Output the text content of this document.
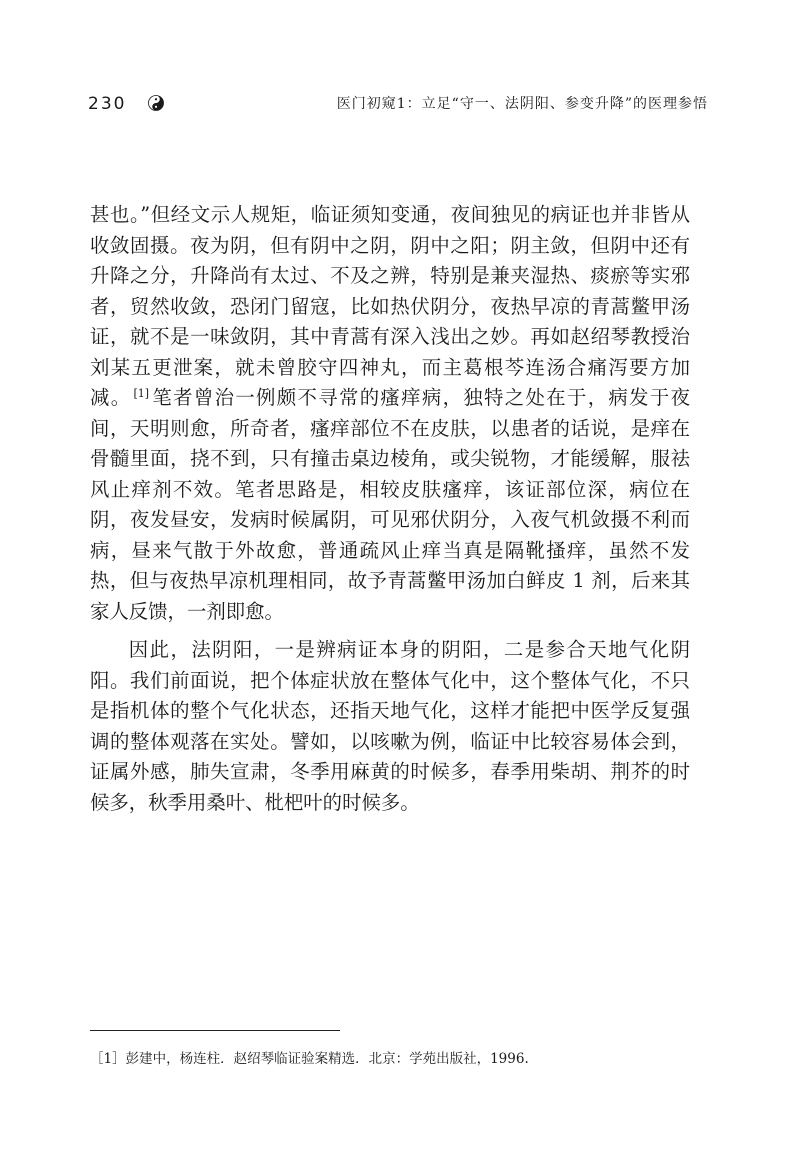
230	医门初窥1：立足“守一、法阴阳、参变升降”的医理参悟

甚也。”但经文示人规矩，临证须知变通，夜间独见的病证也并非皆从收敛固摄。夜为阴，但有阴中之阴，阴中之阳；阴主敛，但阴中还有升降之分，升降尚有太过、不及之辨，特别是兼夹湿热、痰瘀等实邪者，贸然收敛，恐闭门留寇，比如热伏阴分，夜热早凉的青蒿鳖甲汤证，就不是一味敛阴，其中青蒿有深入浅出之妙。再如赵绍琴教授治刘某五更泄案，就未曾胶守四神丸，而主葛根芩连汤合痛泻要方加减。 [1] 笔者曾治一例颇不寻常的瘙痒病，独特之处在于，病发于夜间，天明则愈，所奇者，瘙痒部位不在皮肤，以患者的话说，是痒在骨髓里面，挠不到，只有撞击桌边棱角，或尖锐物，才能缓解，服祛风止痒剂不效。笔者思路是，相较皮肤瘙痒，该证部位深，病位在阴，夜发昼安，发病时候属阴，可见邪伏阴分，入夜气机敛摄不利而病，昼来气散于外故愈，普通疏风止痒当真是隔靴搔痒，虽然不发热，但与夜热早凉机理相同，故予青蒿鳖甲汤加白鲜皮 1 剂，后来其家人反馈，一剂即愈。

因此，法阴阳，一是辨病证本身的阴阳，二是参合天地气化阴阳。我们前面说，把个体症状放在整体气化中，这个整体气化，不只是指机体的整个气化状态，还指天地气化，这样才能把中医学反复强调的整体观落在实处。譬如，以咳嗽为例，临证中比较容易体会到，证属外感，肺失宣肃，冬季用麻黄的时候多，春季用柴胡、荆芥的时候多，秋季用桑叶、枇杷叶的时候多。

［1］彭建中，杨连柱．赵绍琴临证验案精选．北京：学苑出版社，1996.
